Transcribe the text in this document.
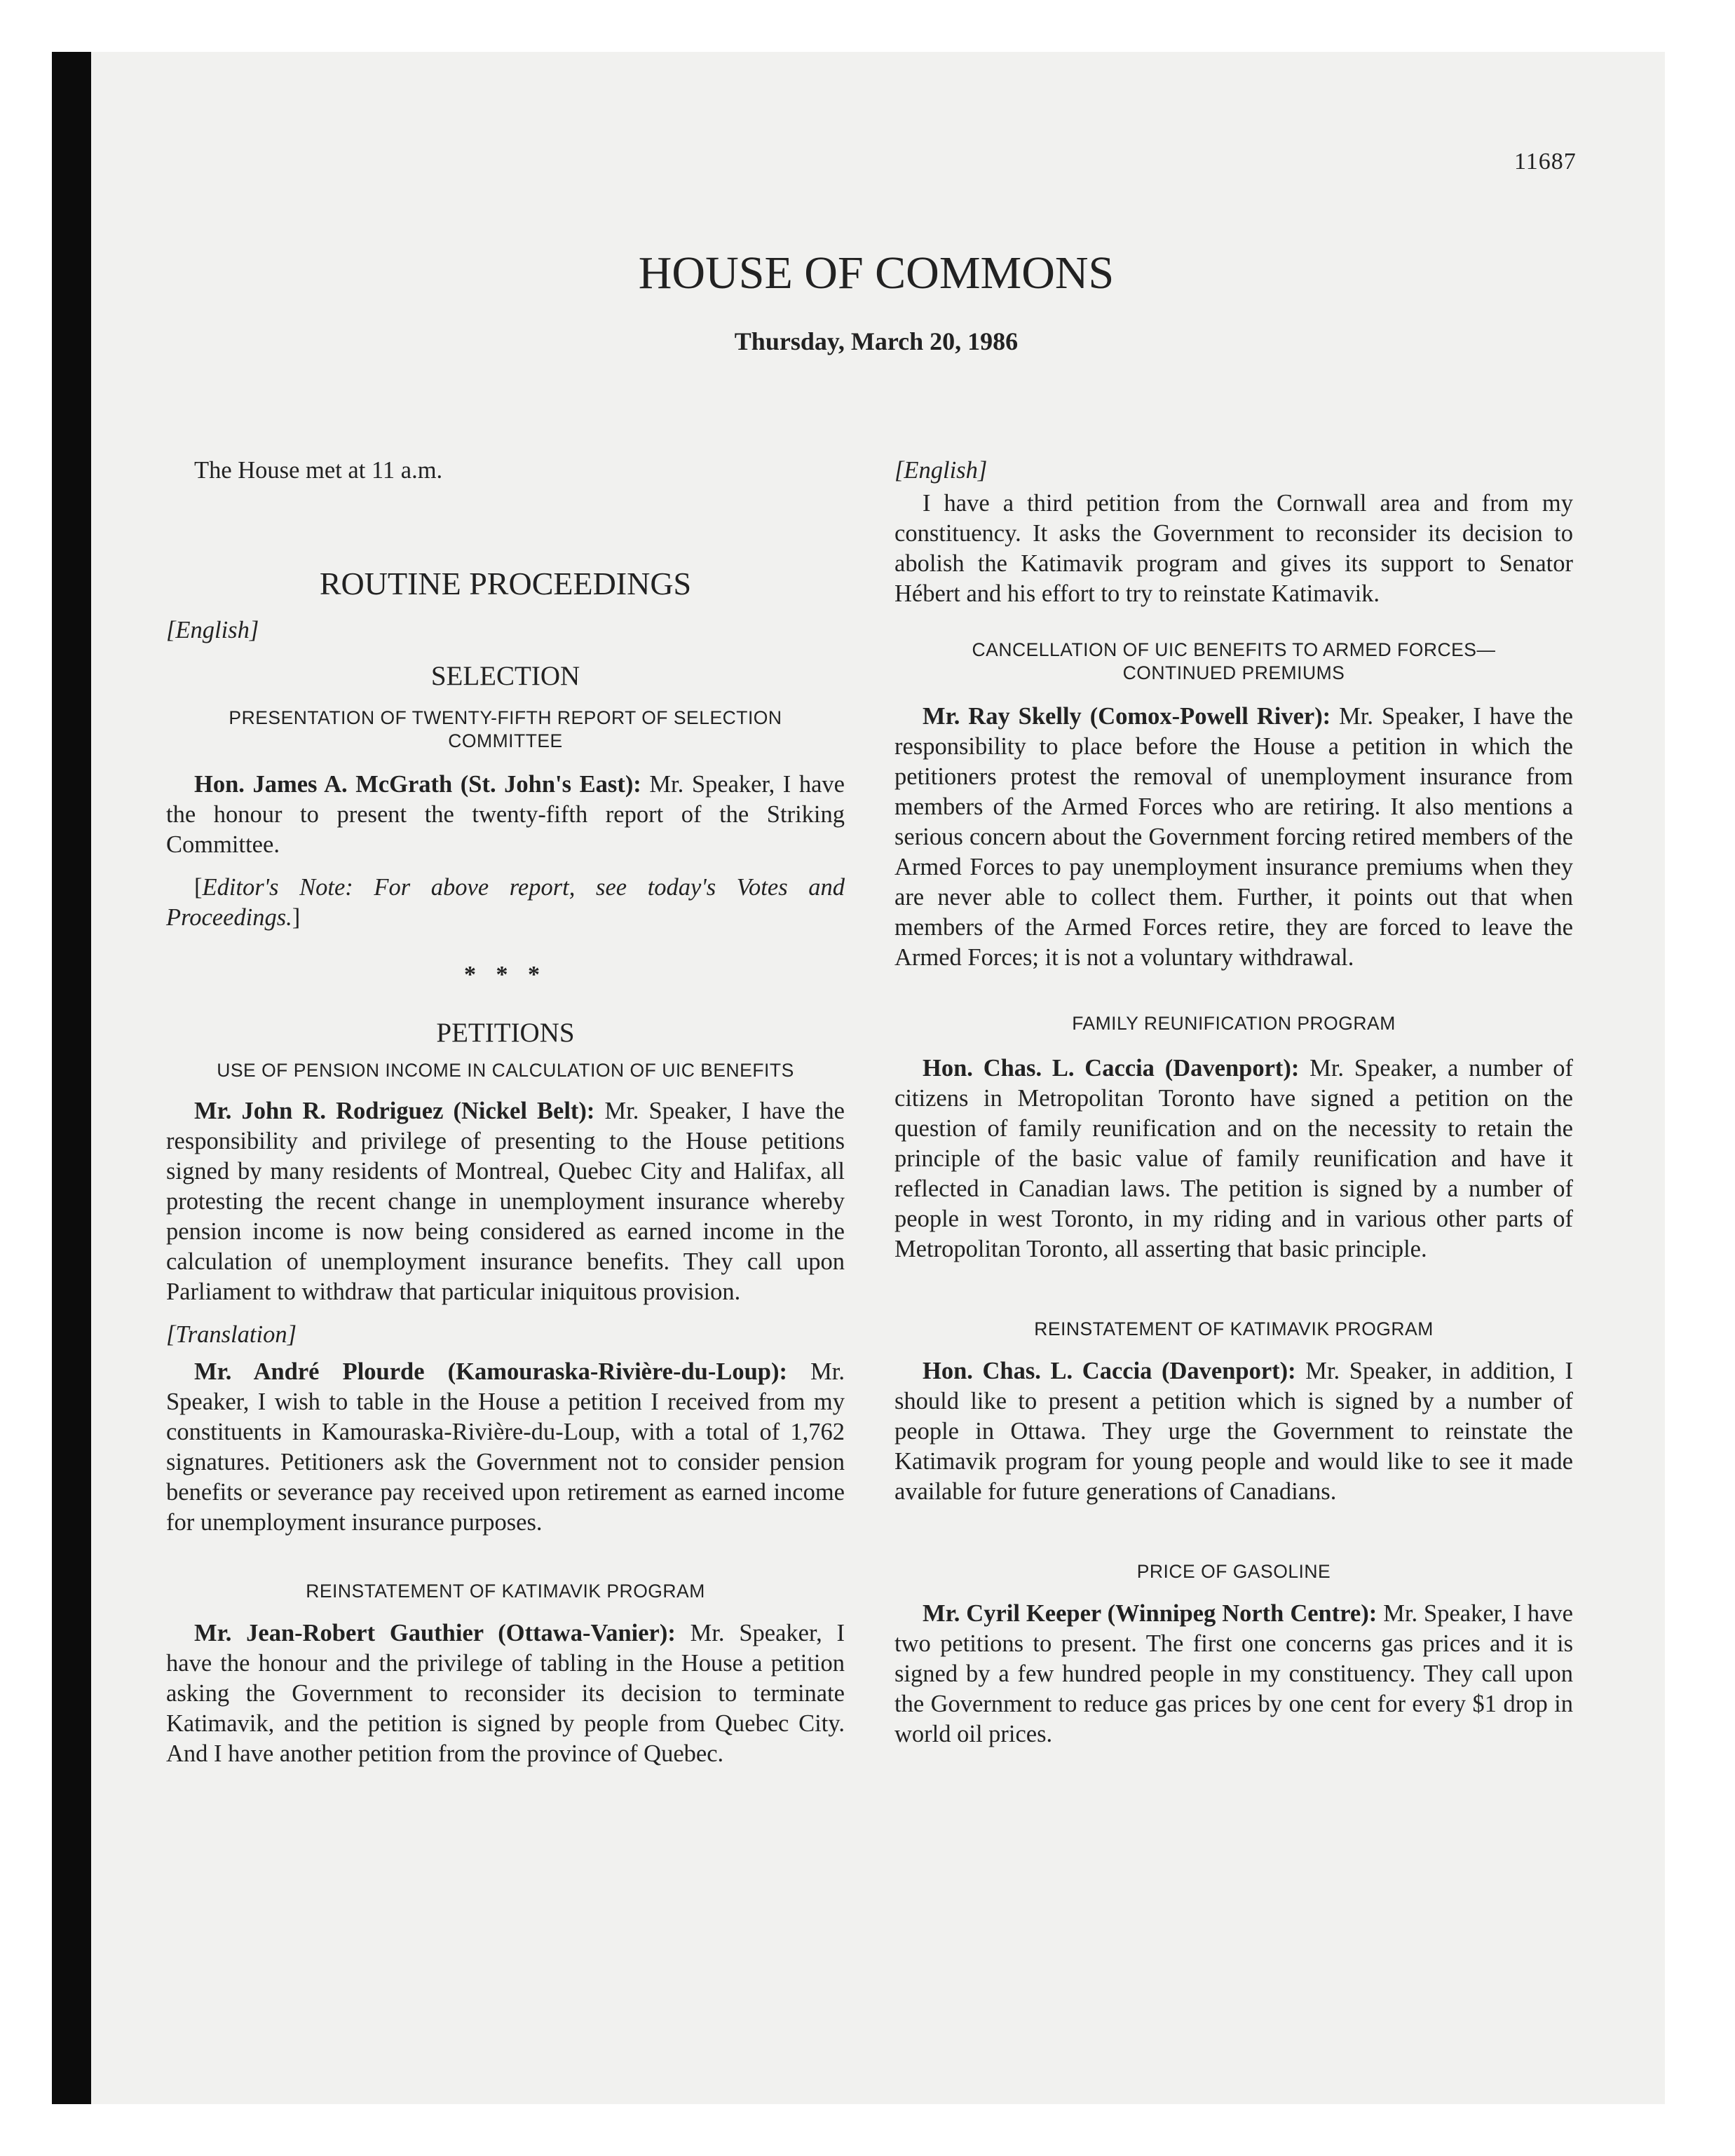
11687
HOUSE OF COMMONS
Thursday, March 20, 1986

The House met at 11 a.m.

ROUTINE PROCEEDINGS

[English]

SELECTION
PRESENTATION OF TWENTY-FIFTH REPORT OF SELECTION COMMITTEE

Hon. James A. McGrath (St. John's East): Mr. Speaker, I have the honour to present the twenty-fifth report of the Striking Committee.

[Editor's Note: For above report, see today's Votes and Proceedings.]

* * *
PETITIONS
USE OF PENSION INCOME IN CALCULATION OF UIC BENEFITS

Mr. John R. Rodriguez (Nickel Belt): Mr. Speaker, I have the responsibility and privilege of presenting to the House petitions signed by many residents of Montreal, Quebec City and Halifax, all protesting the recent change in unemployment insurance whereby pension income is now being considered as earned income in the calculation of unemployment insurance benefits. They call upon Parliament to withdraw that particular iniquitous provision.

[Translation]

Mr. André Plourde (Kamouraska-Rivière-du-Loup): Mr. Speaker, I wish to table in the House a petition I received from my constituents in Kamouraska-Rivière-du-Loup, with a total of 1,762 signatures. Petitioners ask the Government not to consider pension benefits or severance pay received upon retirement as earned income for unemployment insurance purposes.

REINSTATEMENT OF KATIMAVIK PROGRAM

Mr. Jean-Robert Gauthier (Ottawa-Vanier): Mr. Speaker, I have the honour and the privilege of tabling in the House a petition asking the Government to reconsider its decision to terminate Katimavik, and the petition is signed by people from Quebec City. And I have another petition from the province of Quebec.

[English]

I have a third petition from the Cornwall area and from my constituency. It asks the Government to reconsider its decision to abolish the Katimavik program and gives its support to Senator Hébert and his effort to try to reinstate Katimavik.

CANCELLATION OF UIC BENEFITS TO ARMED FORCES— CONTINUED PREMIUMS

Mr. Ray Skelly (Comox-Powell River): Mr. Speaker, I have the responsibility to place before the House a petition in which the petitioners protest the removal of unemployment insurance from members of the Armed Forces who are retiring. It also mentions a serious concern about the Government forcing retired members of the Armed Forces to pay unemployment insurance premiums when they are never able to collect them. Further, it points out that when members of the Armed Forces retire, they are forced to leave the Armed Forces; it is not a voluntary withdrawal.

FAMILY REUNIFICATION PROGRAM

Hon. Chas. L. Caccia (Davenport): Mr. Speaker, a number of citizens in Metropolitan Toronto have signed a petition on the question of family reunification and on the necessity to retain the principle of the basic value of family reunification and have it reflected in Canadian laws. The petition is signed by a number of people in west Toronto, in my riding and in various other parts of Metropolitan Toronto, all asserting that basic principle.

REINSTATEMENT OF KATIMAVIK PROGRAM

Hon. Chas. L. Caccia (Davenport): Mr. Speaker, in addition, I should like to present a petition which is signed by a number of people in Ottawa. They urge the Government to reinstate the Katimavik program for young people and would like to see it made available for future generations of Canadians.

PRICE OF GASOLINE

Mr. Cyril Keeper (Winnipeg North Centre): Mr. Speaker, I have two petitions to present. The first one concerns gas prices and it is signed by a few hundred people in my constituency. They call upon the Government to reduce gas prices by one cent for every $1 drop in world oil prices.
